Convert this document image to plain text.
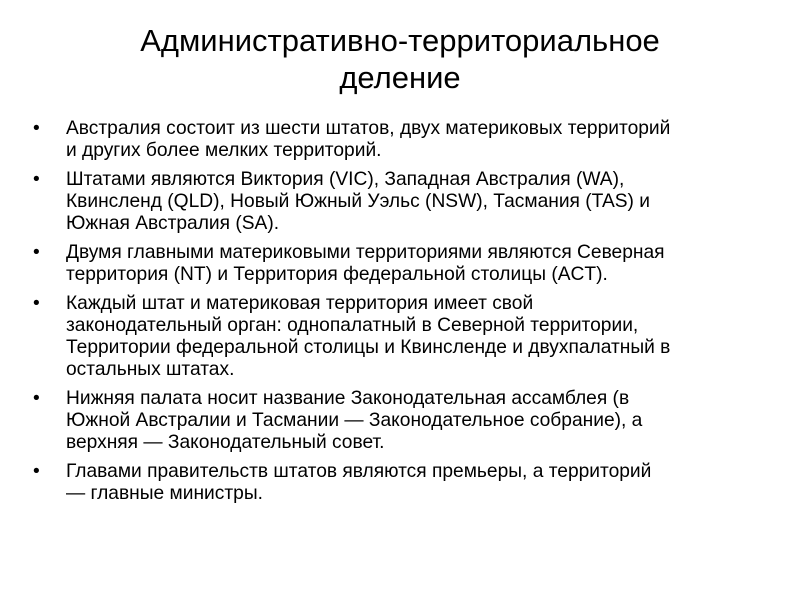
Административно-территориальное
деление
•	Австралия состоит из шести штатов, двух материковых территорий
и других более мелких территорий.
•	Штатами являются Виктория (VIC), Западная Австралия (WA),
Квинсленд (QLD), Новый Южный Уэльс (NSW), Тасмания (TAS) и
Южная Австралия (SA).
•	Двумя главными материковыми территориями являются Северная
территория (NT) и Территория федеральной столицы (ACT).
•	Каждый штат и материковая территория имеет свой
законодательный орган: однопалатный в Северной территории,
Территории федеральной столицы и Квинсленде и двухпалатный в
остальных штатах.
•	Нижняя палата носит название Законодательная ассамблея (в
Южной Австралии и Тасмании — Законодательное собрание), а
верхняя — Законодательный совет.
•	Главами правительств штатов являются премьеры, а территорий
— главные министры.
